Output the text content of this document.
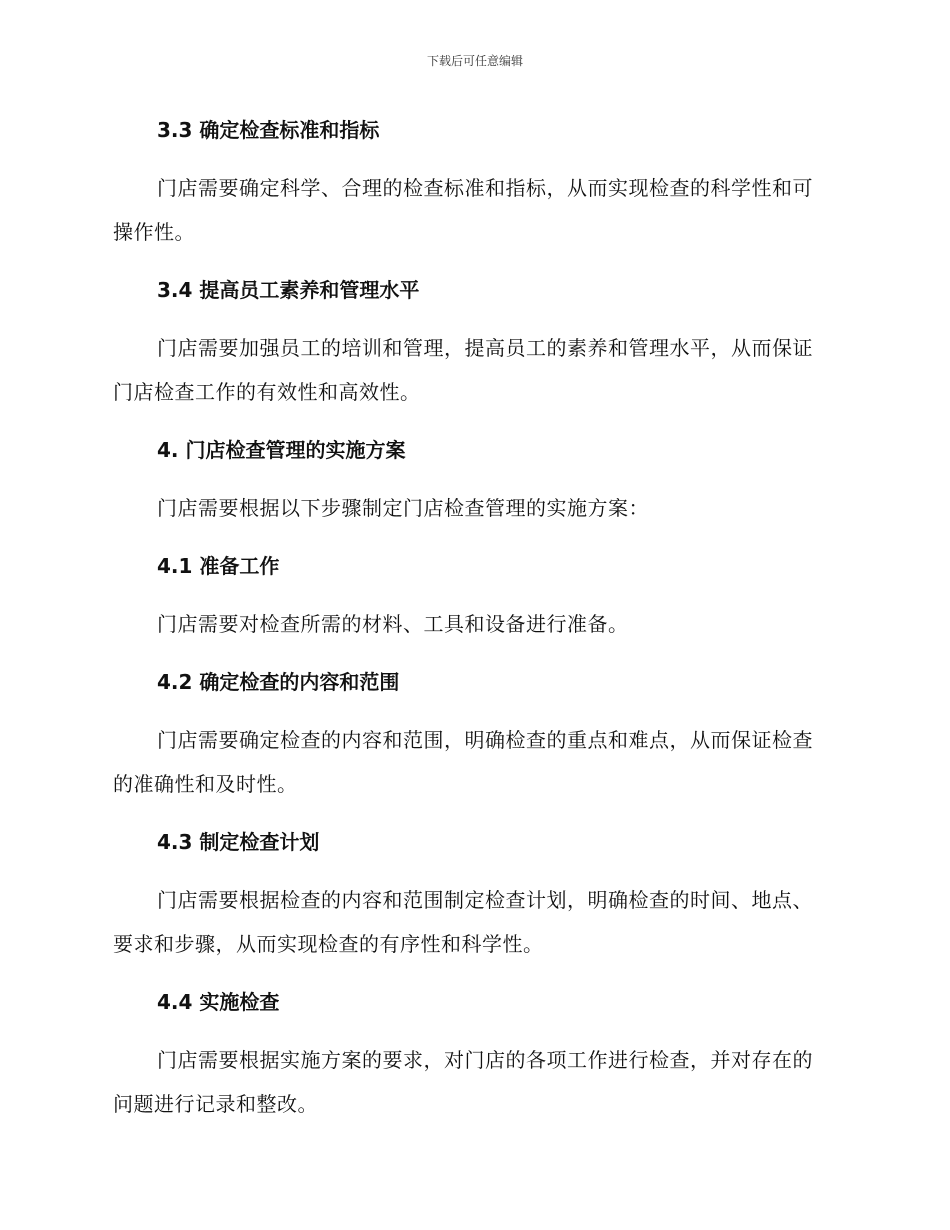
下载后可任意编辑
3.3 确定检查标准和指标

门店需要确定科学、合理的检查标准和指标，从而实现检查的科学性和可操作性。

3.4 提高员工素养和管理水平

门店需要加强员工的培训和管理，提高员工的素养和管理水平，从而保证门店检查工作的有效性和高效性。

4. 门店检查管理的实施方案

门店需要根据以下步骤制定门店检查管理的实施方案：

4.1 准备工作

门店需要对检查所需的材料、工具和设备进行准备。

4.2 确定检查的内容和范围

门店需要确定检查的内容和范围，明确检查的重点和难点，从而保证检查的准确性和及时性。

4.3 制定检查计划

门店需要根据检查的内容和范围制定检查计划，明确检查的时间、地点、要求和步骤，从而实现检查的有序性和科学性。

4.4 实施检查

门店需要根据实施方案的要求，对门店的各项工作进行检查，并对存在的问题进行记录和整改。
